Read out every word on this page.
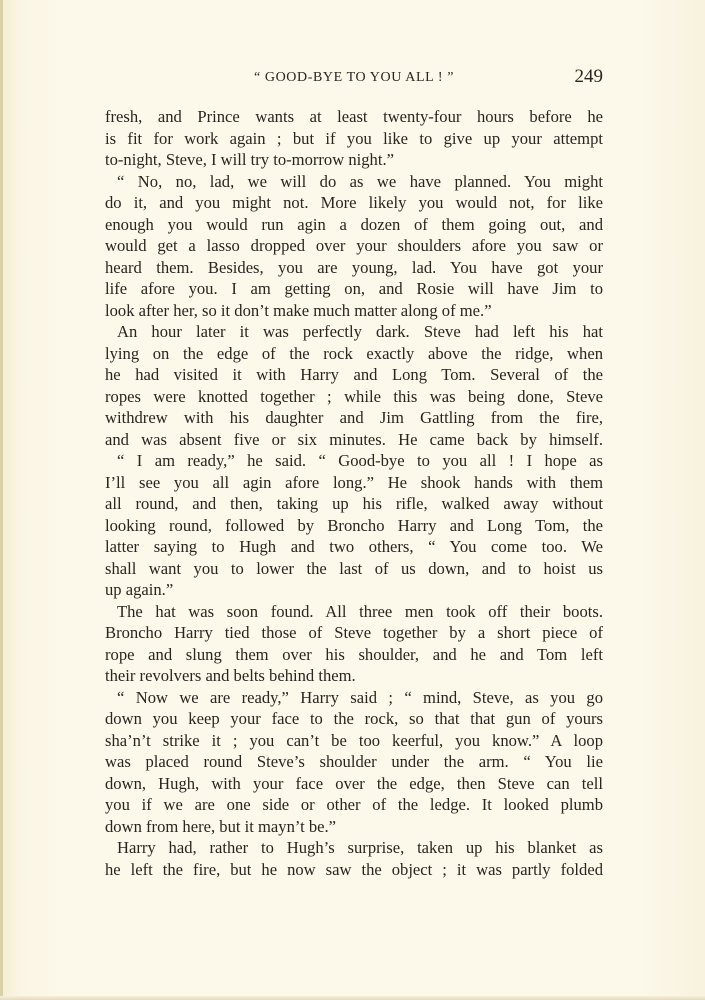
“ GOOD-BYE TO YOU ALL ! ”	249
fresh, and Prince wants at least twenty-four hours before he
is fit for work again ; but if you like to give up your attempt
to-night, Steve, I will try to-morrow night.”
“ No, no, lad, we will do as we have planned. You might
do it, and you might not. More likely you would not, for like
enough you would run agin a dozen of them going out, and
would get a lasso dropped over your shoulders afore you saw or
heard them. Besides, you are young, lad. You have got your
life afore you. I am getting on, and Rosie will have Jim to
look after her, so it don’t make much matter along of me.”
An hour later it was perfectly dark. Steve had left his hat
lying on the edge of the rock exactly above the ridge, when
he had visited it with Harry and Long Tom. Several of the
ropes were knotted together ; while this was being done, Steve
withdrew with his daughter and Jim Gattling from the fire,
and was absent five or six minutes. He came back by himself.
“ I am ready,” he said. “ Good-bye to you all ! I hope as
I’ll see you all agin afore long.” He shook hands with them
all round, and then, taking up his rifle, walked away without
looking round, followed by Broncho Harry and Long Tom, the
latter saying to Hugh and two others, “ You come too. We
shall want you to lower the last of us down, and to hoist us
up again.”
The hat was soon found. All three men took off their boots.
Broncho Harry tied those of Steve together by a short piece of
rope and slung them over his shoulder, and he and Tom left
their revolvers and belts behind them.
“ Now we are ready,” Harry said ; “ mind, Steve, as you go
down you keep your face to the rock, so that that gun of yours
sha’n’t strike it ; you can’t be too keerful, you know.” A loop
was placed round Steve’s shoulder under the arm. “ You lie
down, Hugh, with your face over the edge, then Steve can tell
you if we are one side or other of the ledge. It looked plumb
down from here, but it mayn’t be.”
Harry had, rather to Hugh’s surprise, taken up his blanket as
he left the fire, but he now saw the object ; it was partly folded
